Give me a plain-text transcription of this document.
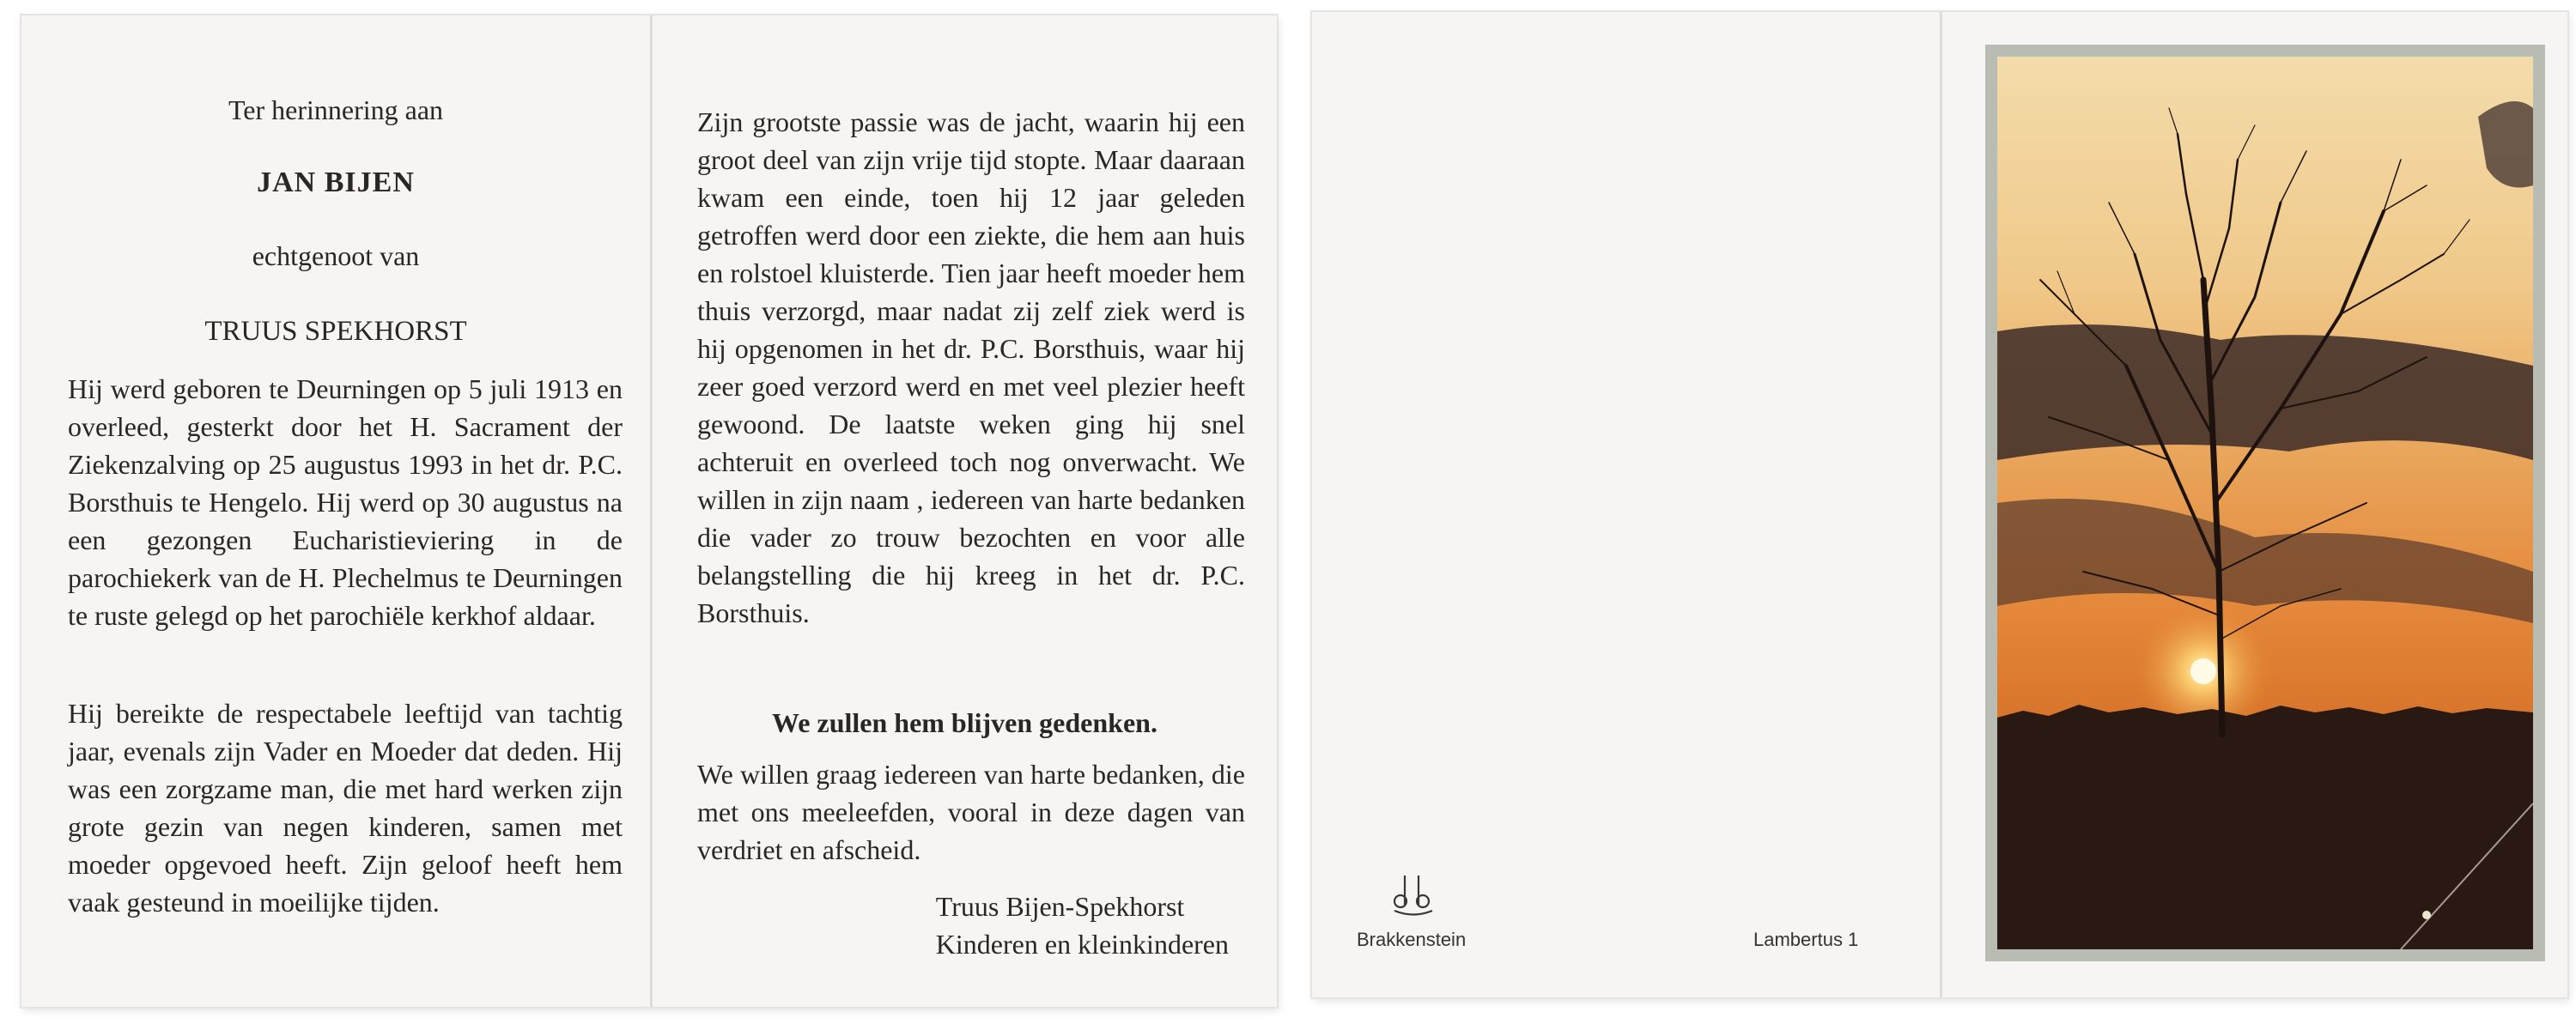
Ter herinnering aan
JAN BIJEN
echtgenoot van
TRUUS SPEKHORST
Hij werd geboren te Deurningen op 5 juli 1913 en overleed, gesterkt door het H. Sacrament der Ziekenzalving op 25 augustus 1993 in het dr. P.C. Borsthuis te Hengelo. Hij werd op 30 augustus na een gezongen Eucharistieviering in de parochiekerk van de H. Plechelmus te Deurningen te ruste gelegd op het parochiële kerkhof aldaar.
Hij bereikte de respectabele leeftijd van tachtig jaar, evenals zijn Vader en Moeder dat deden. Hij was een zorgzame man, die met hard werken zijn grote gezin van negen kinderen, samen met moeder opgevoed heeft. Zijn geloof heeft hem vaak gesteund in moeilijke tijden.
Zijn grootste passie was de jacht, waarin hij een groot deel van zijn vrije tijd stopte. Maar daaraan kwam een einde, toen hij 12 jaar geleden getroffen werd door een ziekte, die hem aan huis en rolstoel kluisterde. Tien jaar heeft moeder hem thuis verzorgd, maar nadat zij zelf ziek werd is hij opgenomen in het dr. P.C. Borsthuis, waar hij zeer goed verzord werd en met veel plezier heeft gewoond. De laatste weken ging hij snel achteruit en overleed toch nog onverwacht. We willen in zijn naam , iedereen van harte bedanken die vader zo trouw bezochten en voor alle belangstelling die hij kreeg in het dr. P.C. Borsthuis.
We zullen hem blijven gedenken.
We willen graag iedereen van harte bedanken, die met ons meeleefden, vooral in deze dagen van verdriet en afscheid.
Truus Bijen-Spekhorst
Kinderen en kleinkinderen	Brakkenstein	Lambertus 1
